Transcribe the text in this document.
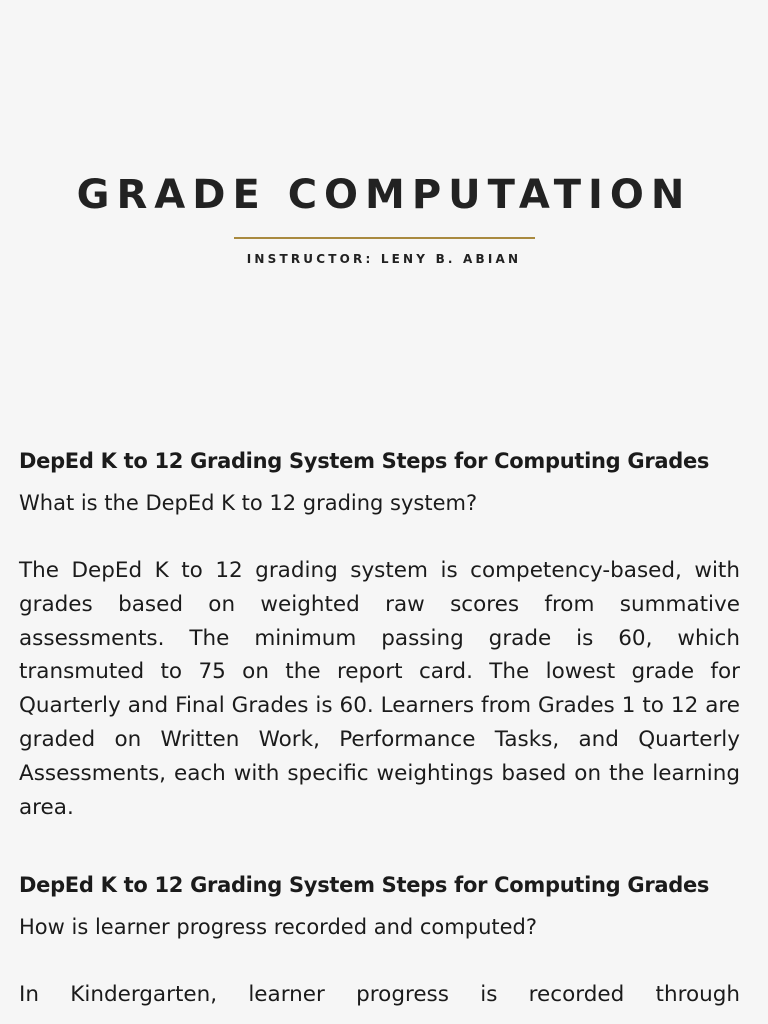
GRADE COMPUTATION
INSTRUCTOR: LENY B. ABIAN
DepEd K to 12 Grading System Steps for Computing Grades

What is the DepEd K to 12 grading system?

The DepEd K to 12 grading system is competency-based, with grades based on weighted raw scores from summative assessments. The minimum passing grade is 60, which transmuted to 75 on the report card. The lowest grade for Quarterly and Final Grades is 60. Learners from Grades 1 to 12 are graded on Written Work, Performance Tasks, and Quarterly Assessments, each with specific weightings based on the learning area.

DepEd K to 12 Grading System Steps for Computing Grades

How is learner progress recorded and computed?

In Kindergarten, learner progress is recorded through
